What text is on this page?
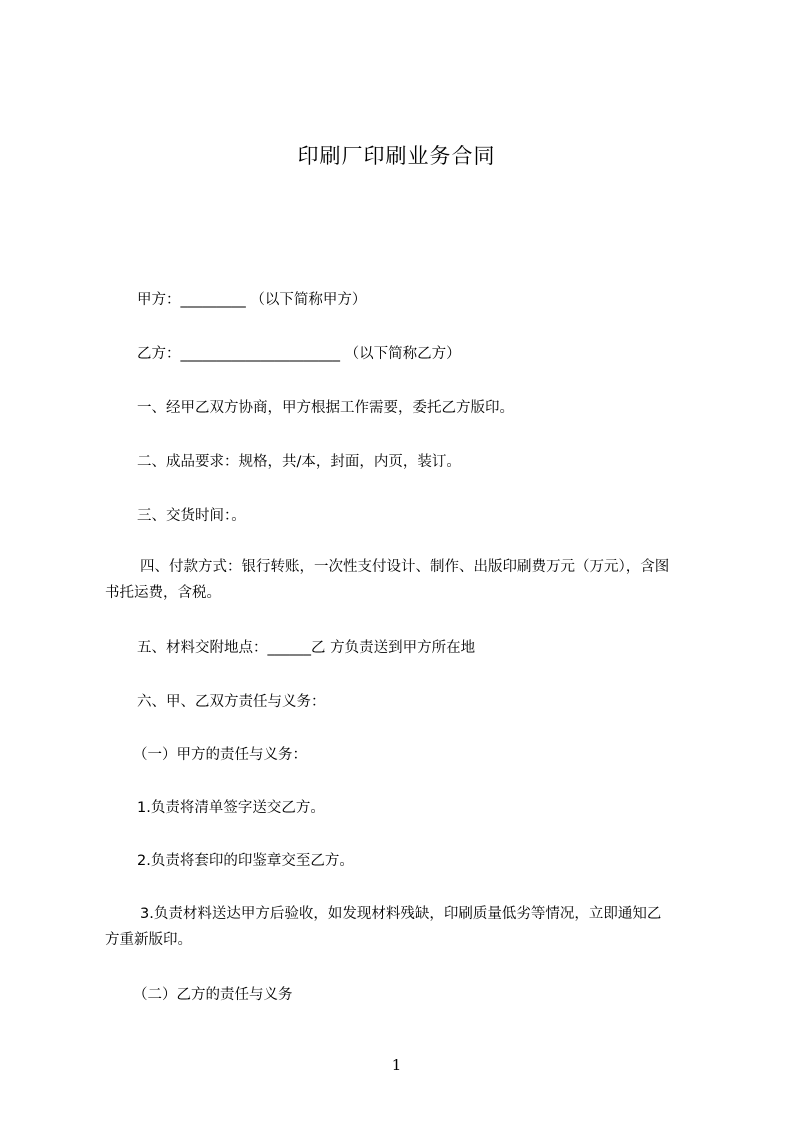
印刷厂印刷业务合同
甲方：_________ （以下简称甲方）
乙方：______________________ （以下简称乙方）
一、经甲乙双方协商，甲方根据工作需要，委托乙方版印。
二、成品要求：规格，共/本，封面，内页，装订。
三、交货时间：。
四、付款方式：银行转账，一次性支付设计、制作、出版印刷费万元（万元），含图书托运费，含税。
五、材料交附地点：______乙 方负责送到甲方所在地
六、甲、乙双方责任与义务：
（一）甲方的责任与义务：
1.负责将清单签字送交乙方。
2.负责将套印的印鉴章交至乙方。
3.负责材料送达甲方后验收，如发现材料残缺，印刷质量低劣等情况，立即通知乙方重新版印。
（二）乙方的责任与义务
1
